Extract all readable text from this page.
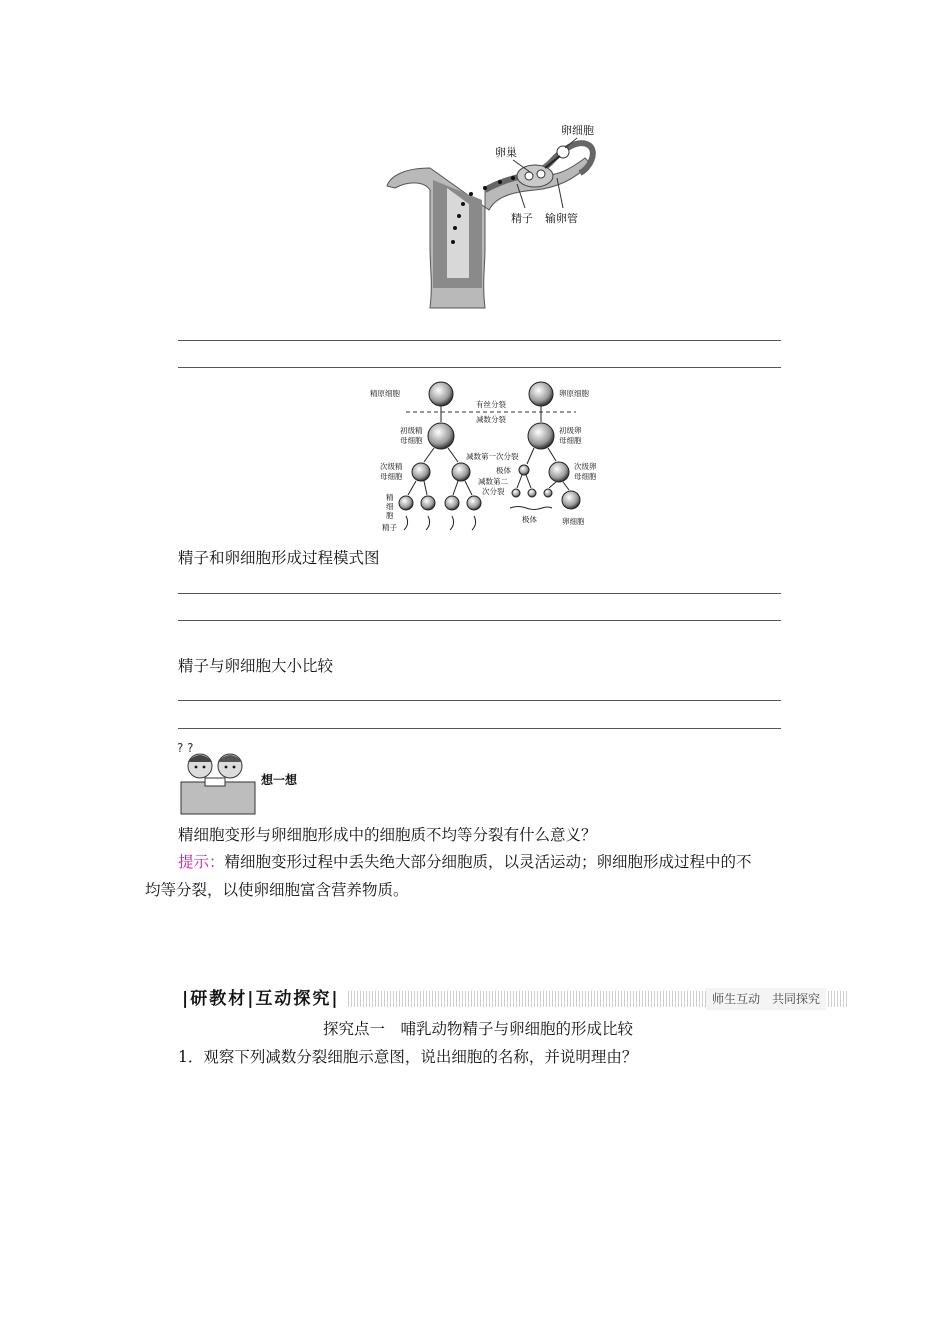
卵细胞
卵巢
精子 输卵管
精原细胞	卵原细胞
有丝分裂
减数分裂
初级精
母细胞
初级卵
母细胞
减数第一次分裂
次级精
母细胞
极体	次级卵
母细胞
减数第二
次分裂
精
细
胞
精子
极体	卵细胞
精子和卵细胞形成过程模式图
精子与卵细胞大小比较
? ?
想一想
精细胞变形与卵细胞形成中的细胞质不均等分裂有什么意义？
提示：精细胞变形过程中丢失绝大部分细胞质，以灵活运动；卵细胞形成过程中的不
均等分裂，以使卵细胞富含营养物质。
|研教材|互动探究|	师生互动 共同探究
探究点一　哺乳动物精子与卵细胞的形成比较
1．观察下列减数分裂细胞示意图，说出细胞的名称，并说明理由？
